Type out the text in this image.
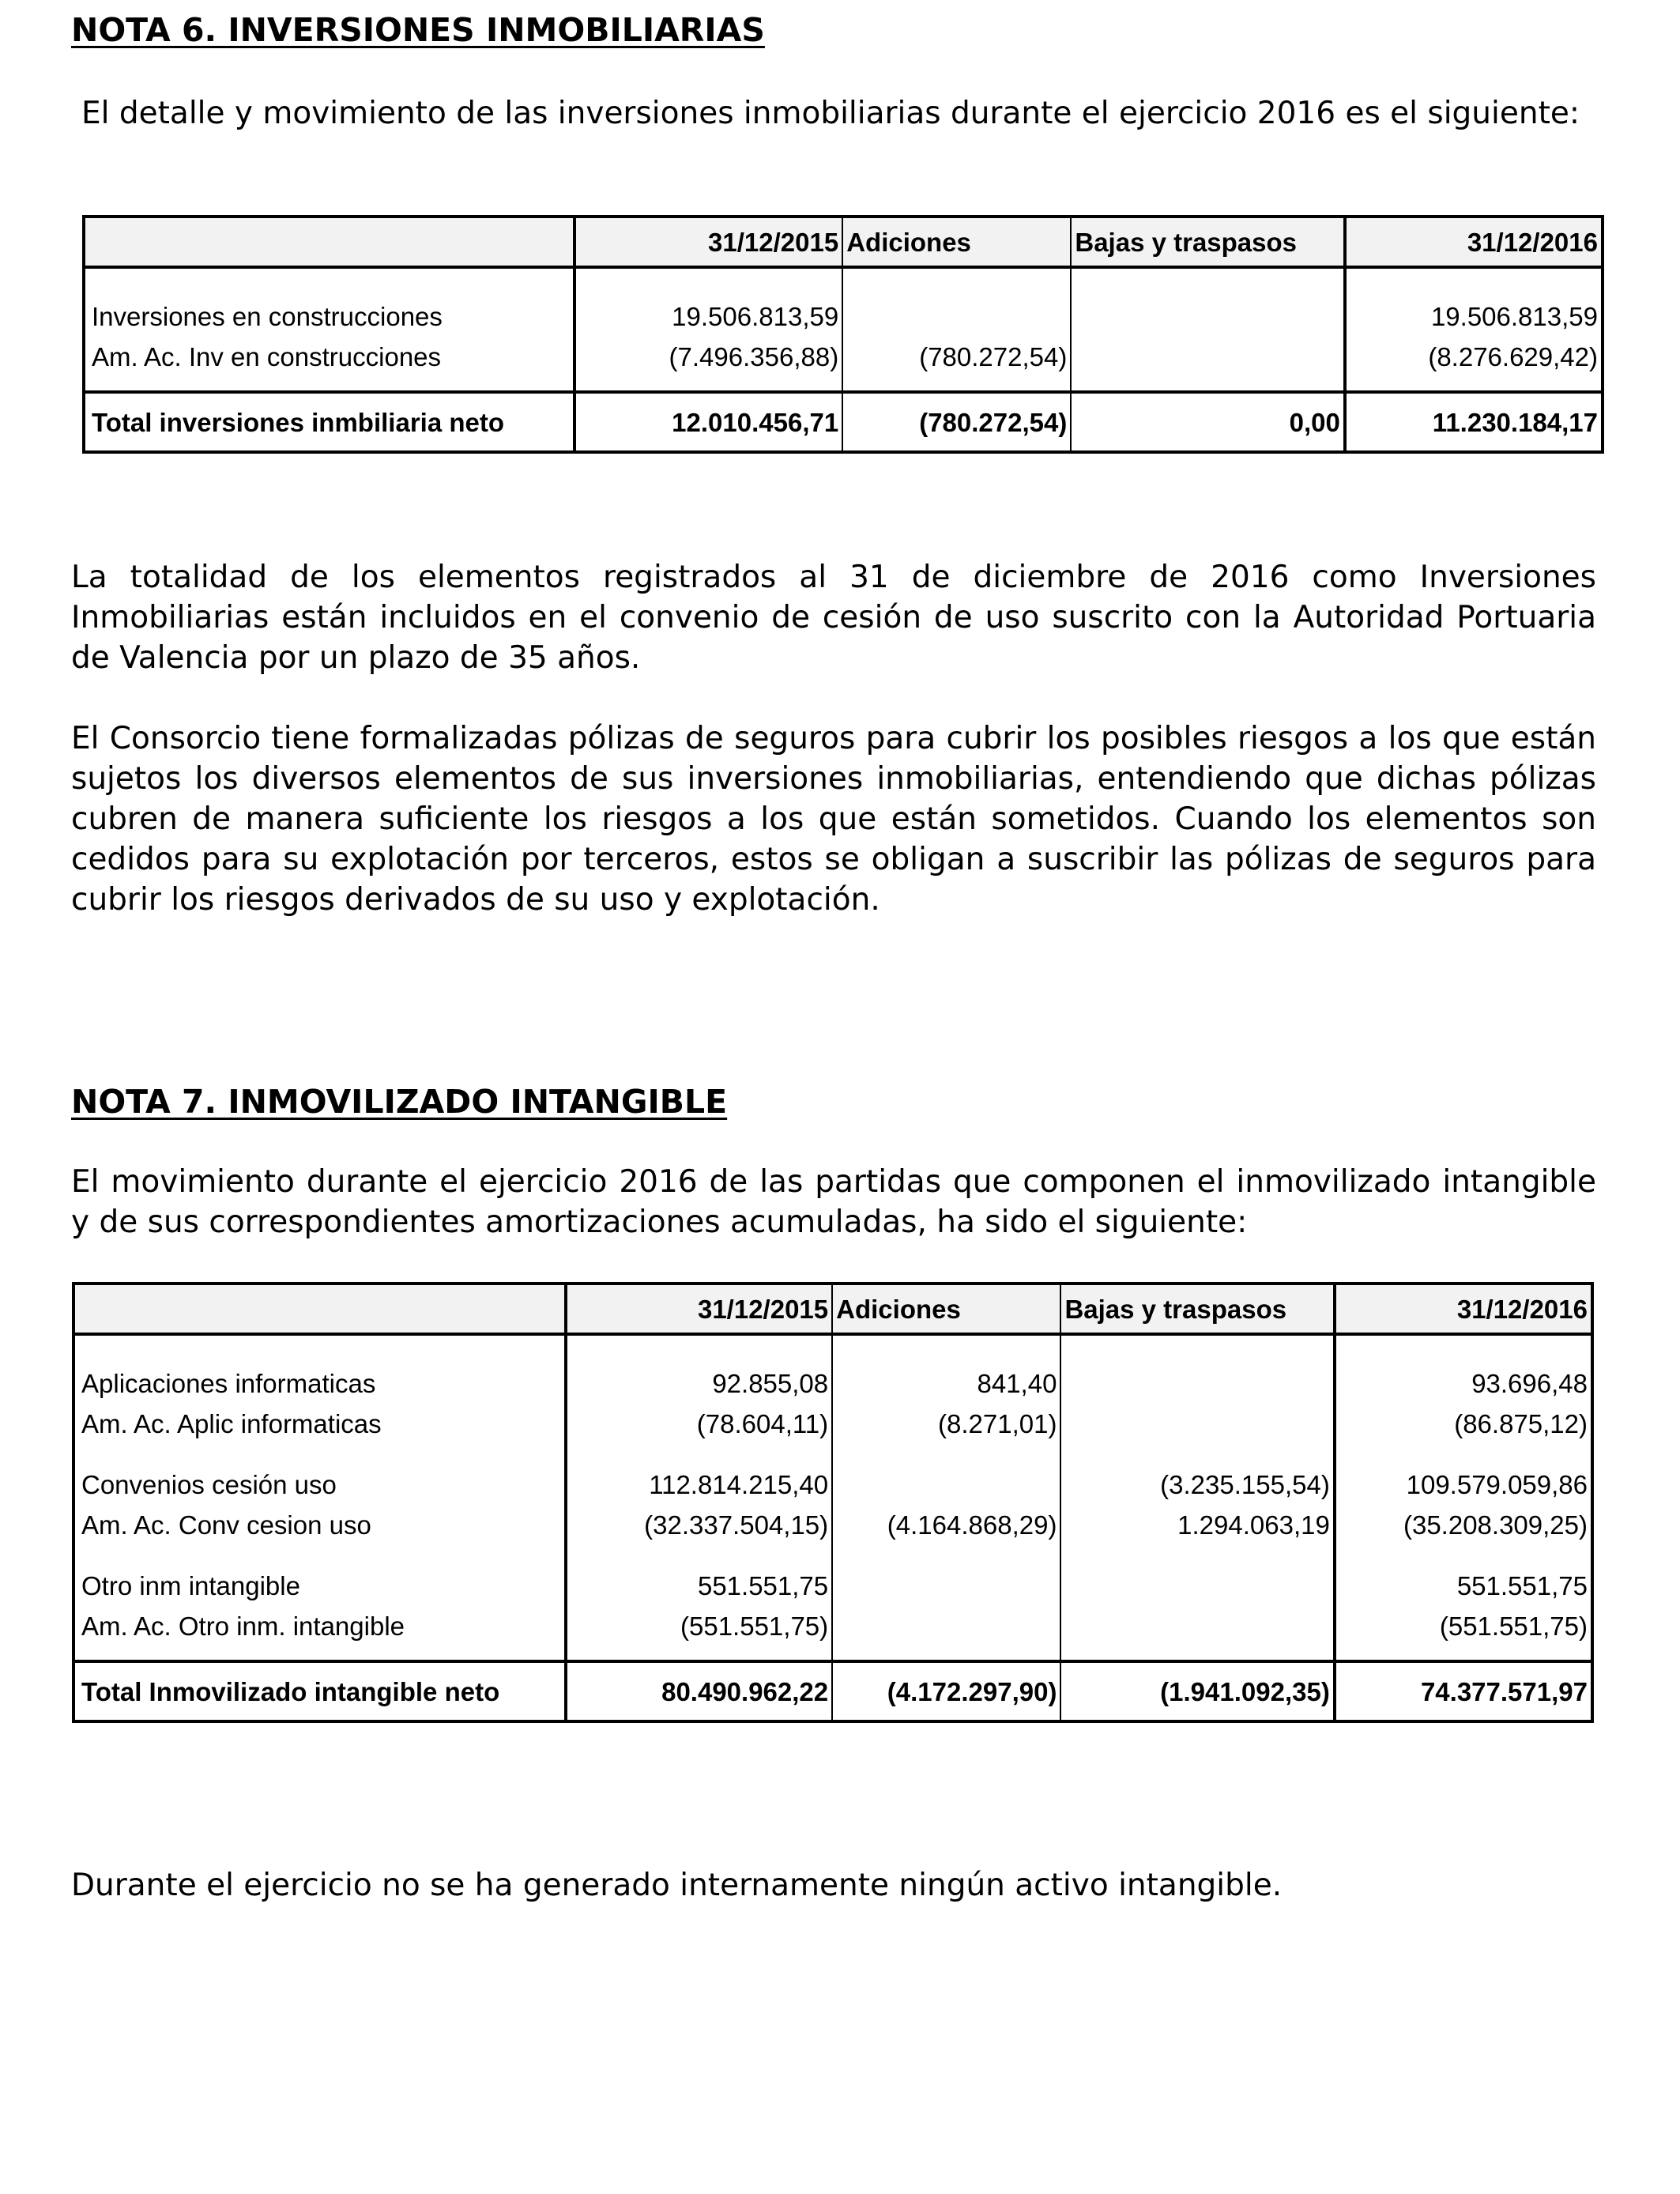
NOTA 6. INVERSIONES INMOBILIARIAS

El detalle y movimiento de las inversiones inmobiliarias durante el ejercicio 2016 es el siguiente:

	31/12/2015	Adiciones	Bajas y traspasos	31/12/2016

Inversiones en construcciones	19.506.813,59			19.506.813,59
Am. Ac. Inv en construcciones	(7.496.356,88)	(780.272,54)		(8.276.629,42)

Total inversiones inmbiliaria neto	12.010.456,71	(780.272,54)	0,00	11.230.184,17

La totalidad de los elementos registrados al 31 de diciembre de 2016 como Inversiones Inmobiliarias están incluidos en el convenio de cesión de uso suscrito con la Autoridad Portuaria de Valencia por un plazo de 35 años.

El Consorcio tiene formalizadas pólizas de seguros para cubrir los posibles riesgos a los que están sujetos los diversos elementos de sus inversiones inmobiliarias, entendiendo que dichas pólizas cubren de manera suficiente los riesgos a los que están sometidos. Cuando los elementos son cedidos para su explotación por terceros, estos se obligan a suscribir las pólizas de seguros para cubrir los riesgos derivados de su uso y explotación.

NOTA 7. INMOVILIZADO INTANGIBLE

El movimiento durante el ejercicio 2016 de las partidas que componen el inmovilizado intangible y de sus correspondientes amortizaciones acumuladas, ha sido el siguiente:

	31/12/2015	Adiciones	Bajas y traspasos	31/12/2016

Aplicaciones informaticas	92.855,08	841,40		93.696,48
Am. Ac. Aplic informaticas	(78.604,11)	(8.271,01)		(86.875,12)

Convenios cesión uso	112.814.215,40		(3.235.155,54)	109.579.059,86
Am. Ac. Conv cesion uso	(32.337.504,15)	(4.164.868,29)	1.294.063,19	(35.208.309,25)

Otro inm intangible	551.551,75			551.551,75
Am. Ac. Otro inm. intangible	(551.551,75)			(551.551,75)

Total Inmovilizado intangible neto	80.490.962,22	(4.172.297,90)	(1.941.092,35)	74.377.571,97

Durante el ejercicio no se ha generado internamente ningún activo intangible.
